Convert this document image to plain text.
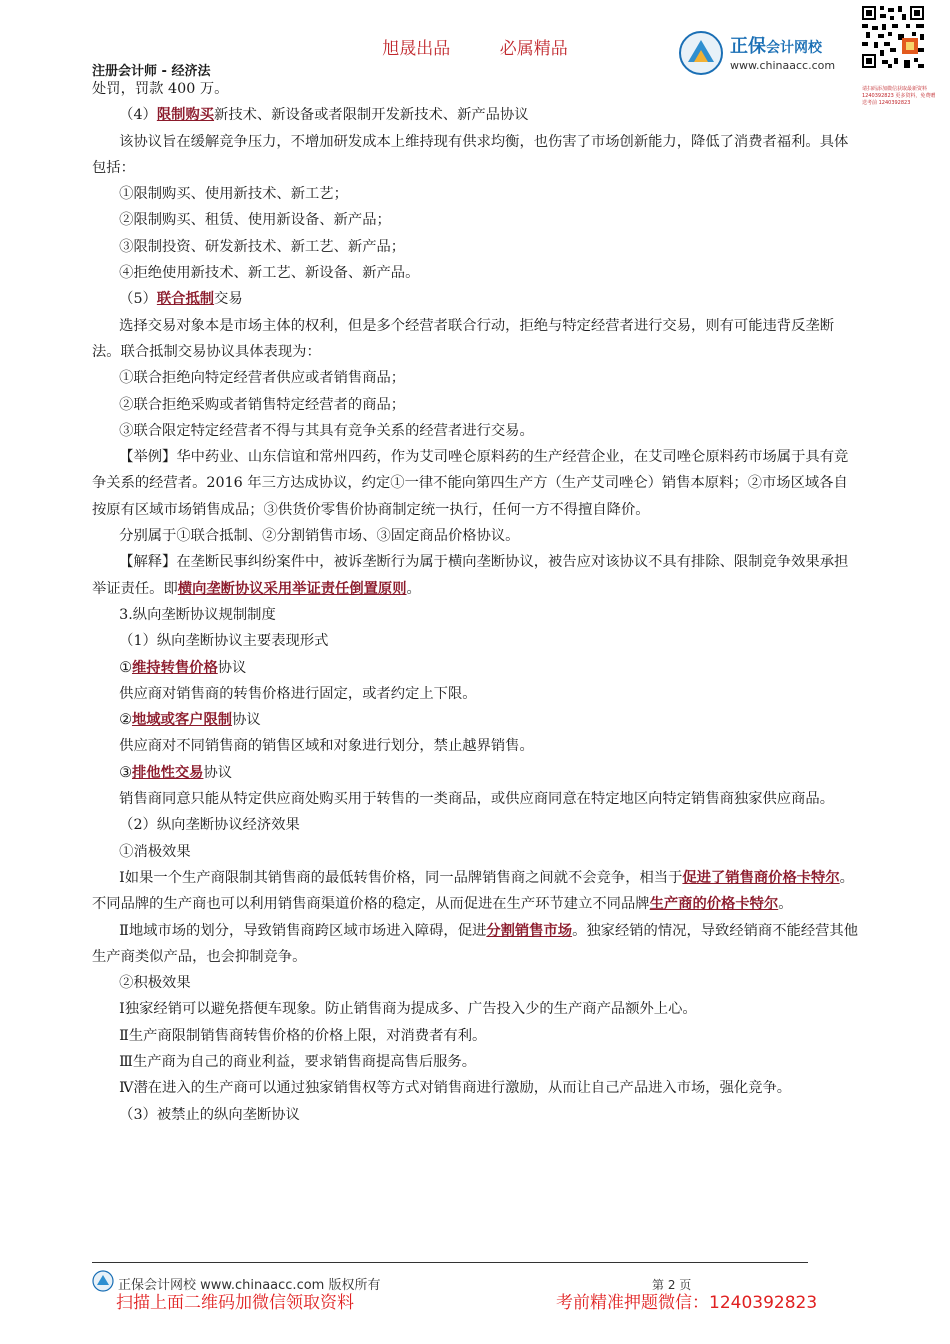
旭晟出品	必属精品
注册会计师 - 经济法
正保会计网校
www.chinaacc.com
请扫码添加微信获取最新资料 1240392823 更多资料，免费赠送考前 1240392823

处罚，罚款 400 万。

（4）限制购买新技术、新设备或者限制开发新技术、新产品协议

该协议旨在缓解竞争压力，不增加研发成本上维持现有供求均衡，也伤害了市场创新能力，降低了消费者福利。具体包括：

①限制购买、使用新技术、新工艺；

②限制购买、租赁、使用新设备、新产品；

③限制投资、研发新技术、新工艺、新产品；

④拒绝使用新技术、新工艺、新设备、新产品。

（5）联合抵制交易

选择交易对象本是市场主体的权利，但是多个经营者联合行动，拒绝与特定经营者进行交易，则有可能违背反垄断法。联合抵制交易协议具体表现为：

①联合拒绝向特定经营者供应或者销售商品；

②联合拒绝采购或者销售特定经营者的商品；

③联合限定特定经营者不得与其具有竞争关系的经营者进行交易。

【举例】华中药业、山东信谊和常州四药，作为艾司唑仑原料药的生产经营企业，在艾司唑仑原料药市场属于具有竞争关系的经营者。2016 年三方达成协议，约定①一律不能向第四生产方（生产艾司唑仑）销售本原料；②市场区域各自按原有区域市场销售成品；③供货价零售价协商制定统一执行，任何一方不得擅自降价。

分别属于①联合抵制、②分割销售市场、③固定商品价格协议。

【解释】在垄断民事纠纷案件中，被诉垄断行为属于横向垄断协议，被告应对该协议不具有排除、限制竞争效果承担举证责任。即横向垄断协议采用举证责任倒置原则。

3.纵向垄断协议规制制度

（1）纵向垄断协议主要表现形式

①维持转售价格协议

供应商对销售商的转售价格进行固定，或者约定上下限。

②地域或客户限制协议

供应商对不同销售商的销售区域和对象进行划分，禁止越界销售。

③排他性交易协议

销售商同意只能从特定供应商处购买用于转售的一类商品，或供应商同意在特定地区向特定销售商独家供应商品。

（2）纵向垄断协议经济效果

①消极效果

Ⅰ如果一个生产商限制其销售商的最低转售价格，同一品牌销售商之间就不会竞争，相当于促进了销售商价格卡特尔。不同品牌的生产商也可以利用销售商渠道价格的稳定，从而促进在生产环节建立不同品牌生产商的价格卡特尔。

Ⅱ地域市场的划分，导致销售商跨区域市场进入障碍，促进分割销售市场。独家经销的情况，导致经销商不能经营其他生产商类似产品，也会抑制竞争。

②积极效果

Ⅰ独家经销可以避免搭便车现象。防止销售商为提成多、广告投入少的生产商产品额外上心。

Ⅱ生产商限制销售商转售价格的价格上限，对消费者有利。

Ⅲ生产商为自己的商业利益，要求销售商提高售后服务。

Ⅳ潜在进入的生产商可以通过独家销售权等方式对销售商进行激励，从而让自己产品进入市场，强化竞争。

（3）被禁止的纵向垄断协议

正保会计网校 www.chinaacc.com 版权所有	第 2 页
扫描上面二维码加微信领取资料	考前精准押题微信：1240392823
